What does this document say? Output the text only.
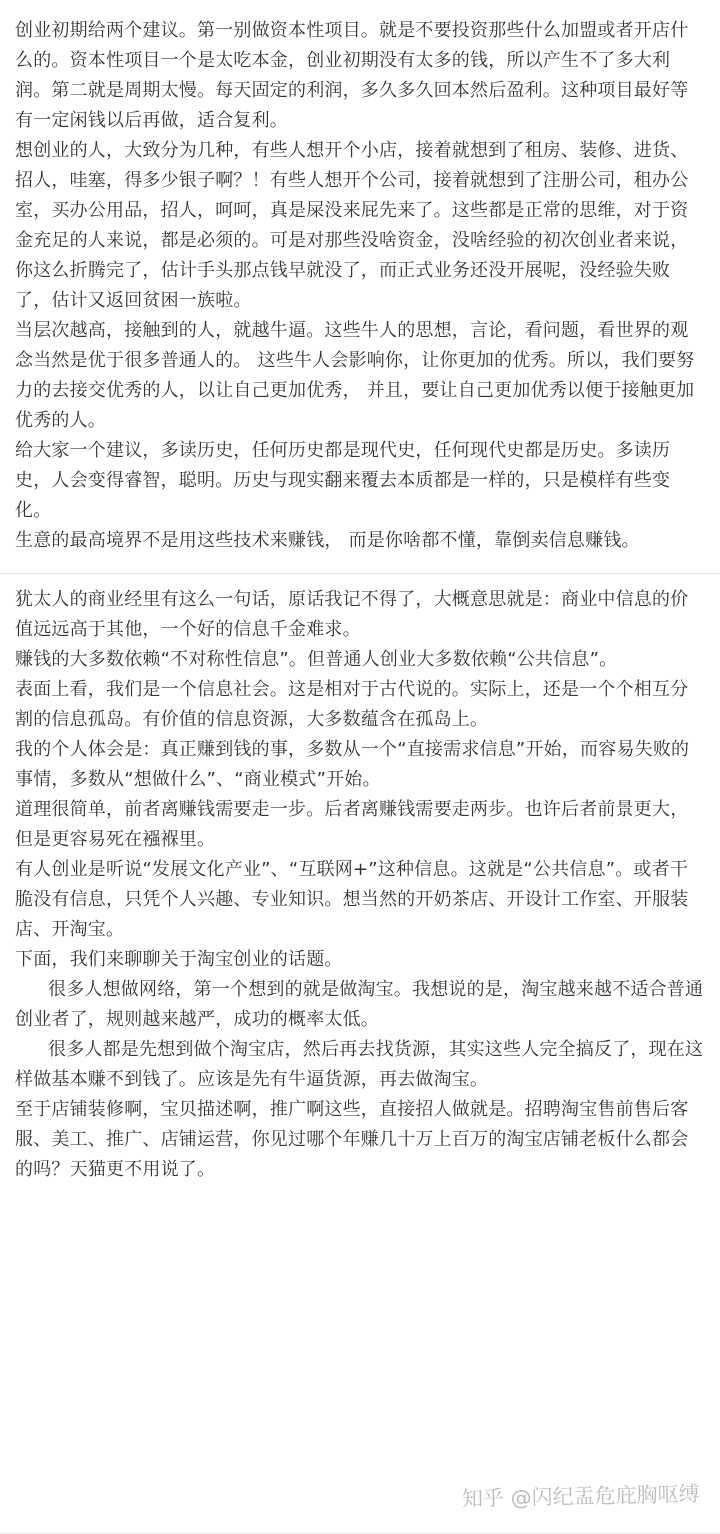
创业初期给两个建议。第一别做资本性项目。就是不要投资那些什么加盟或者开店什么的。资本性项目一个是太吃本金，创业初期没有太多的钱，所以产生不了多大利润。第二就是周期太慢。每天固定的利润，多久多久回本然后盈利。这种项目最好等有一定闲钱以后再做，适合复利。

想创业的人，大致分为几种，有些人想开个小店，接着就想到了租房、装修、进货、招人，哇塞，得多少银子啊？！有些人想开个公司，接着就想到了注册公司，租办公室，买办公用品，招人，呵呵，真是屎没来屁先来了。这些都是正常的思维，对于资金充足的人来说，都是必须的。可是对那些没啥资金，没啥经验的初次创业者来说，你这么折腾完了，估计手头那点钱早就没了，而正式业务还没开展呢，没经验失败了，估计又返回贫困一族啦。

当层次越高，接触到的人，就越牛逼。这些牛人的思想，言论，看问题，看世界的观念当然是优于很多普通人的。 这些牛人会影响你，让你更加的优秀。所以，我们要努力的去接交优秀的人，以让自己更加优秀， 并且，要让自己更加优秀以便于接触更加优秀的人。

给大家一个建议，多读历史，任何历史都是现代史，任何现代史都是历史。多读历史，人会变得睿智，聪明。历史与现实翻来覆去本质都是一样的，只是模样有些变化。

生意的最高境界不是用这些技术来赚钱， 而是你啥都不懂，靠倒卖信息赚钱。

犹太人的商业经里有这么一句话，原话我记不得了，大概意思就是：商业中信息的价值远远高于其他，一个好的信息千金难求。

赚钱的大多数依赖“不对称性信息”。但普通人创业大多数依赖“公共信息”。

表面上看，我们是一个信息社会。这是相对于古代说的。实际上，还是一个个相互分割的信息孤岛。有价值的信息资源，大多数蕴含在孤岛上。

我的个人体会是：真正赚到钱的事，多数从一个“直接需求信息”开始，而容易失败的事情，多数从“想做什么”、“商业模式”开始。

道理很简单，前者离赚钱需要走一步。后者离赚钱需要走两步。也许后者前景更大，但是更容易死在襁褓里。

有人创业是听说“发展文化产业”、“互联网+”这种信息。这就是“公共信息”。或者干脆没有信息，只凭个人兴趣、专业知识。想当然的开奶茶店、开设计工作室、开服装店、开淘宝。

下面，我们来聊聊关于淘宝创业的话题。

很多人想做网络，第一个想到的就是做淘宝。我想说的是，淘宝越来越不适合普通创业者了，规则越来越严，成功的概率太低。

很多人都是先想到做个淘宝店，然后再去找货源，其实这些人完全搞反了，现在这样做基本赚不到钱了。应该是先有牛逼货源，再去做淘宝。

至于店铺装修啊，宝贝描述啊，推广啊这些，直接招人做就是。招聘淘宝售前售后客服、美工、推广、店铺运营，你见过哪个年赚几十万上百万的淘宝店铺老板什么都会的吗？天猫更不用说了。

知乎 @闪纪盂危庇胸呕缚
